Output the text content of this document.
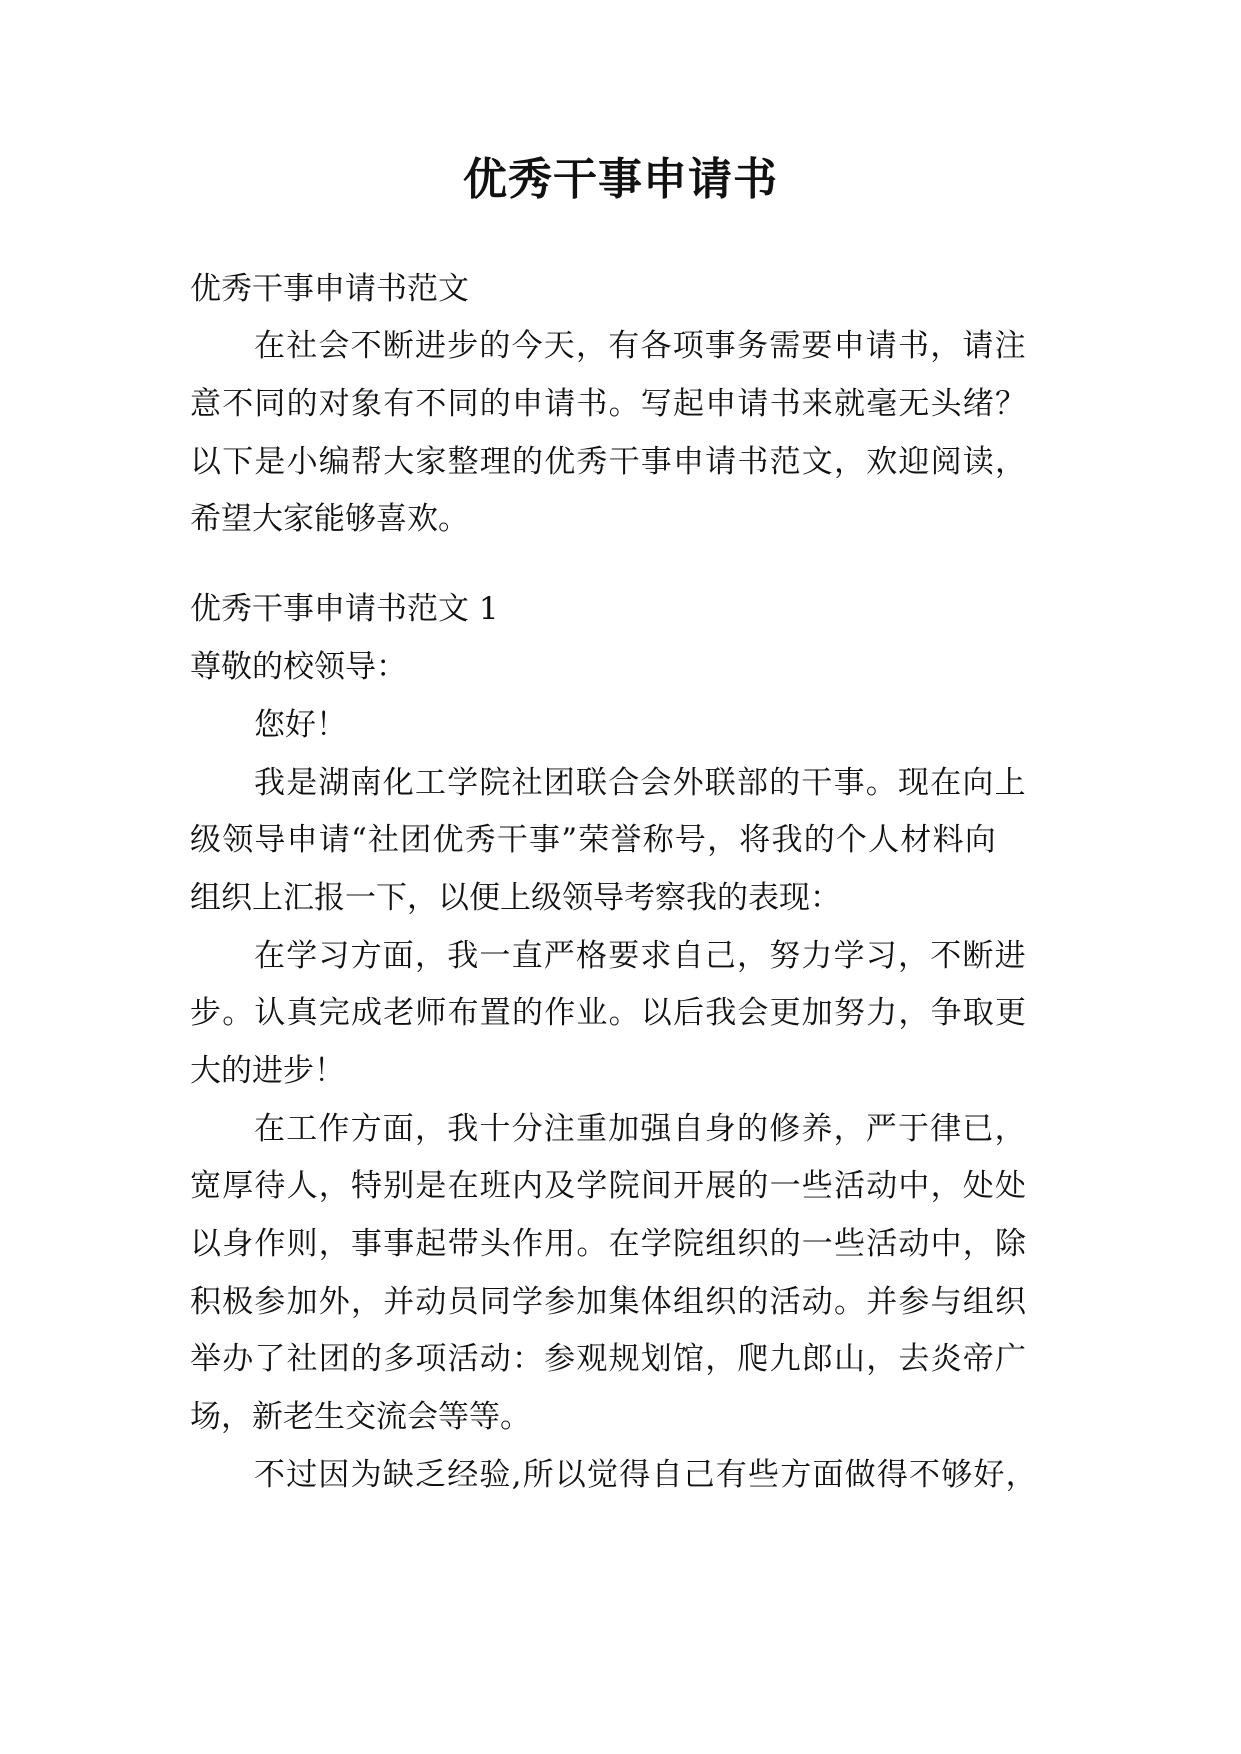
优秀干事申请书

优秀干事申请书范文

在社会不断进步的今天，有各项事务需要申请书，请注

意不同的对象有不同的申请书。写起申请书来就毫无头绪？

以下是小编帮大家整理的优秀干事申请书范文，欢迎阅读，

希望大家能够喜欢。

优秀干事申请书范文 1

尊敬的校领导：

您好！

我是湖南化工学院社团联合会外联部的干事。现在向上

级领导申请“社团优秀干事”荣誉称号，将我的个人材料向

组织上汇报一下，以便上级领导考察我的表现：

在学习方面，我一直严格要求自己，努力学习，不断进

步。认真完成老师布置的作业。以后我会更加努力，争取更

大的进步！

在工作方面，我十分注重加强自身的修养，严于律已，

宽厚待人，特别是在班内及学院间开展的一些活动中，处处

以身作则，事事起带头作用。在学院组织的一些活动中，除

积极参加外，并动员同学参加集体组织的活动。并参与组织

举办了社团的多项活动：参观规划馆，爬九郎山，去炎帝广

场，新老生交流会等等。

不过因为缺乏经验,所以觉得自己有些方面做得不够好，
